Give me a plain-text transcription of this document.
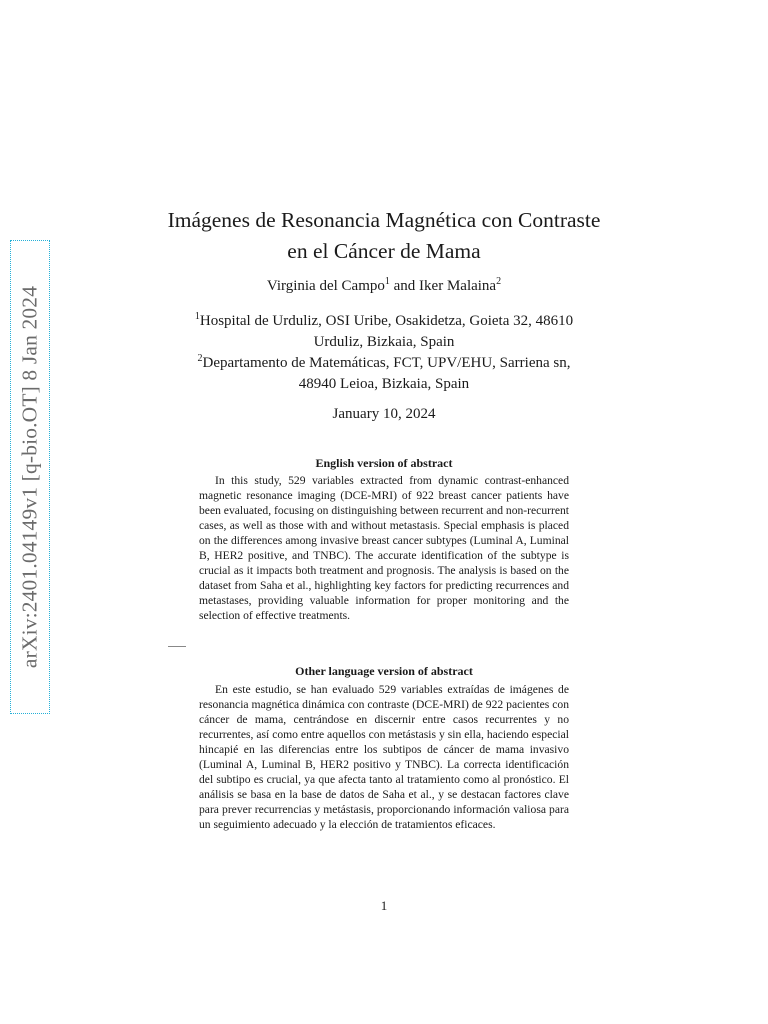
arXiv:2401.04149v1 [q-bio.OT] 8 Jan 2024
Imágenes de Resonancia Magnética con Contraste
en el Cáncer de Mama
Virginia del Campo$^1$ and Iker Malaina$^2$
$^1$Hospital de Urduliz, OSI Uribe, Osakidetza, Goieta 32, 48610
Urduliz, Bizkaia, Spain
$^2$Departamento de Matemáticas, FCT, UPV/EHU, Sarriena sn,
48940 Leioa, Bizkaia, Spain
January 10, 2024
English version of abstract

In this study, 529 variables extracted from dynamic contrast-enhanced magnetic resonance imaging (DCE-MRI) of 922 breast cancer patients have been evaluated, focusing on distinguishing between recurrent and non-recurrent cases, as well as those with and without metastasis. Special emphasis is placed on the differences among invasive breast cancer subtypes (Luminal A, Luminal B, HER2 positive, and TNBC). The accurate identification of the subtype is crucial as it impacts both treatment and prognosis. The analysis is based on the dataset from Saha et al., highlighting key factors for predicting recurrences and metastases, providing valuable information for proper monitoring and the selection of effective treatments.

Other language version of abstract

En este estudio, se han evaluado 529 variables extraídas de imágenes de resonancia magnética dinámica con contraste (DCE-MRI) de 922 pacientes con cáncer de mama, centrándose en discernir entre casos recurrentes y no recurrentes, así como entre aquellos con metástasis y sin ella, haciendo especial hincapié en las diferencias entre los subtipos de cáncer de mama invasivo (Luminal A, Luminal B, HER2 positivo y TNBC). La correcta identificación del subtipo es crucial, ya que afecta tanto al tratamiento como al pronóstico. El análisis se basa en la base de datos de Saha et al., y se destacan factores clave para prever recurrencias y metástasis, proporcionando información valiosa para un seguimiento adecuado y la elección de tratamientos eficaces.

1
